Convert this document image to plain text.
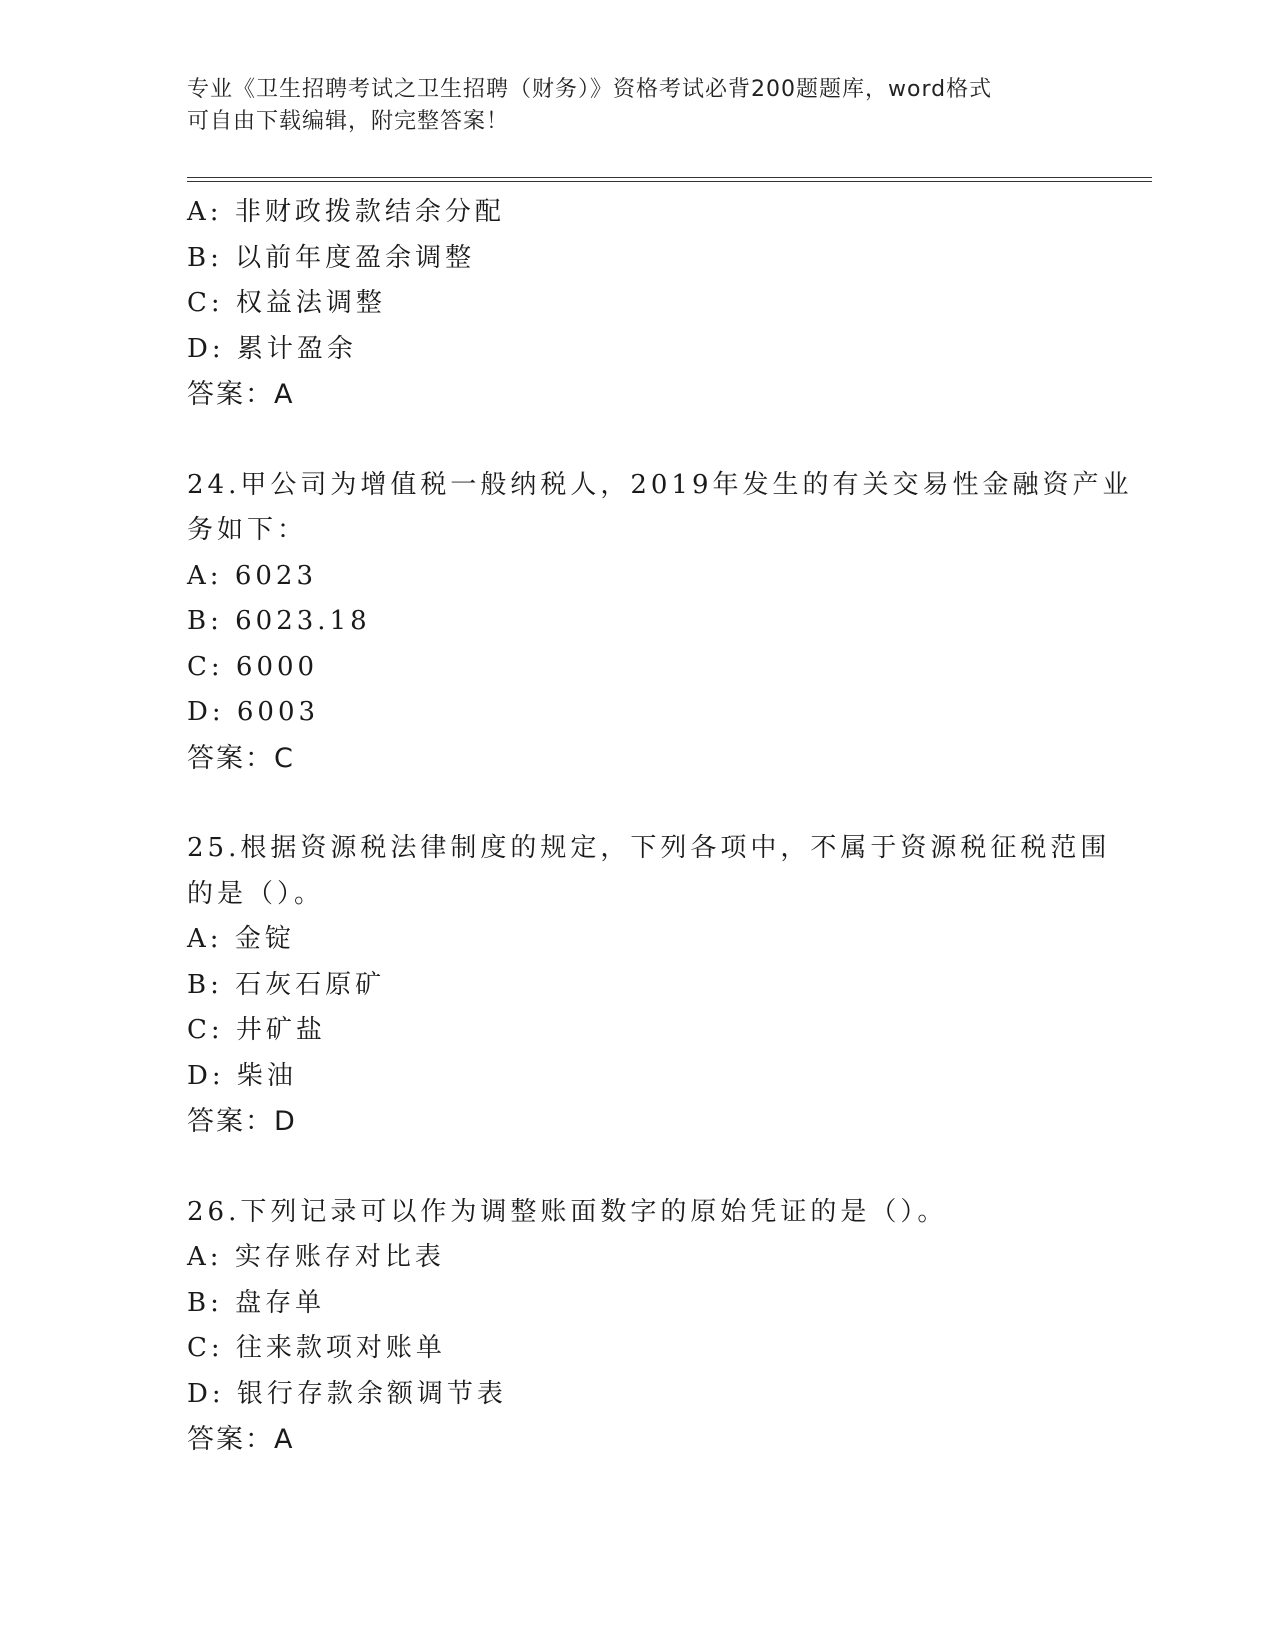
专业《卫生招聘考试之卫生招聘（财务）》资格考试必背200题题库，word格式
可自由下载编辑，附完整答案！
A: 非财政拨款结余分配
B: 以前年度盈余调整
C: 权益法调整
D: 累计盈余
答案：A
24.甲公司为增值税一般纳税人，2019年发生的有关交易性金融资产业
务如下：
A: 6023
B: 6023.18
C: 6000
D: 6003
答案：C
25.根据资源税法律制度的规定，下列各项中，不属于资源税征税范围
的是（）。
A: 金锭
B: 石灰石原矿
C: 井矿盐
D: 柴油
答案：D
26.下列记录可以作为调整账面数字的原始凭证的是（）。
A: 实存账存对比表
B: 盘存单
C: 往来款项对账单
D: 银行存款余额调节表
答案：A
